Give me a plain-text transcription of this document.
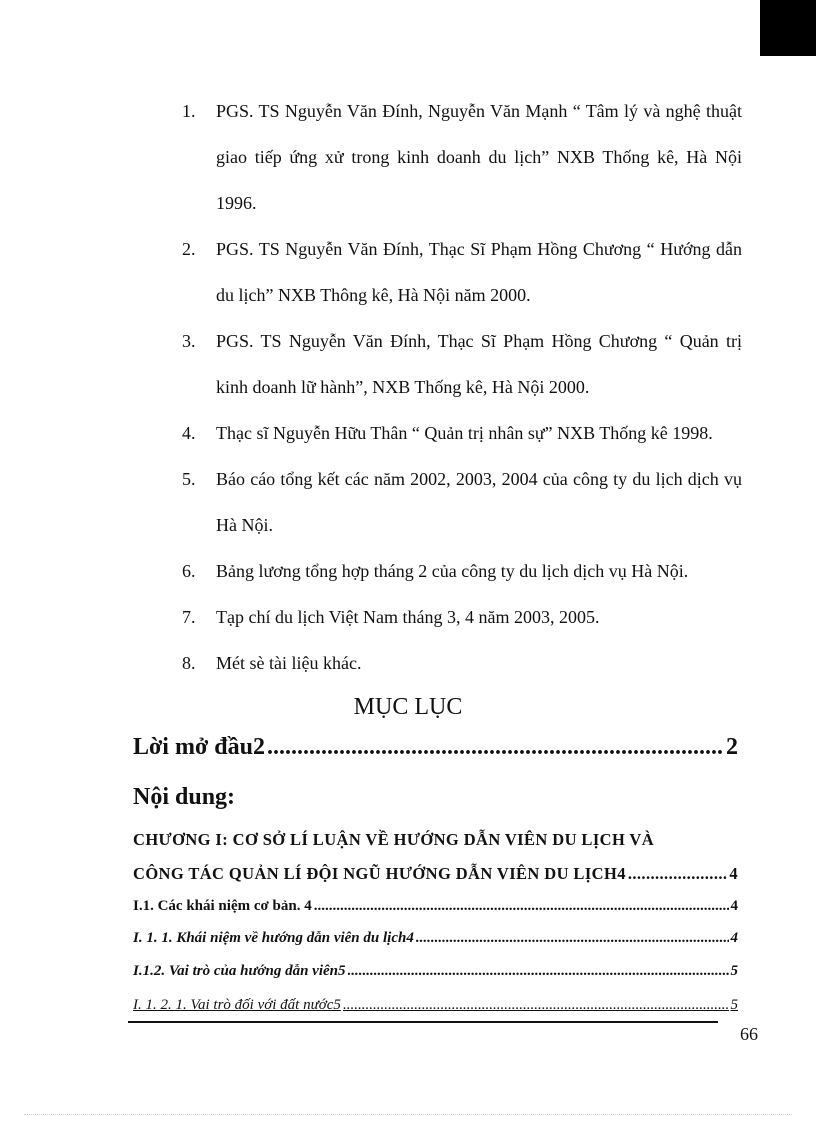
1.	PGS. TS Nguyễn Văn Đính, Nguyễn Văn Mạnh “ Tâm lý và nghệ thuật giao tiếp ứng xử trong kinh doanh du lịch” NXB Thống kê, Hà Nội 1996.
2.	PGS. TS Nguyễn Văn Đính, Thạc Sĩ Phạm Hồng Chương “ Hướng dẫn du lịch” NXB Thông kê, Hà Nội năm 2000.
3.	PGS. TS Nguyễn Văn Đính, Thạc Sĩ Phạm Hồng Chương “ Quản trị kinh doanh lữ hành”, NXB Thống kê, Hà Nội 2000.
4.	Thạc sĩ Nguyễn Hữu Thân “ Quản trị nhân sự” NXB Thống kê 1998.
5.	Báo cáo tổng kết các năm 2002, 2003, 2004 của công ty du lịch dịch vụ Hà Nội.
6.	Bảng lương tổng hợp tháng 2 của công ty du lịch dịch vụ Hà Nội.
7.	Tạp chí du lịch Việt Nam tháng 3, 4 năm 2003, 2005.
8.	Mét sè tài liệu khác.
MỤC LỤC
Lời mở đầu2 .....	2
Nội dung:
CHƯƠNG I: CƠ SỞ LÍ LUẬN VỀ HƯỚNG DẪN VIÊN DU LỊCH VÀ
CÔNG TÁC QUẢN LÍ ĐỘI NGŨ HƯỚNG DẪN VIÊN DU LỊCH4 .....	4
I.1. Các khái niệm cơ bản. 4 .....	4
I. 1. 1. Khái niệm về hướng dẫn viên du lịch4 .....	4
I.1.2. Vai trò của hướng dẫn viên5 .....	5
I. 1. 2. 1. Vai trò đối với đất nước5 .....	5
66
